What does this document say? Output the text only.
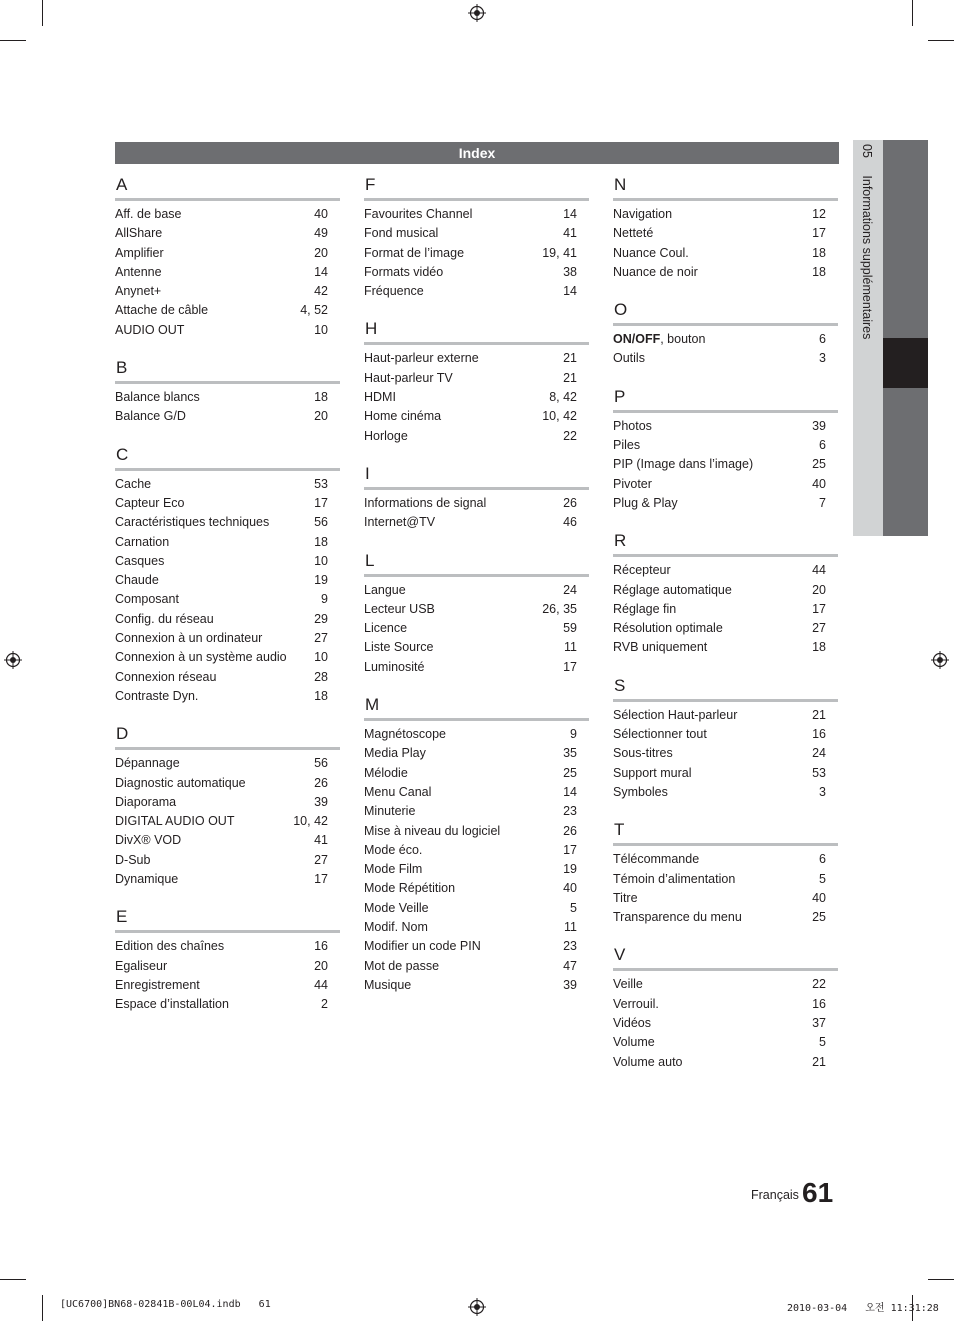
Index	05 Informations supplémentaires
A
Aff. de base	40
AllShare	49
Amplifier	20
Antenne	14
Anynet+	42
Attache de câble	4, 52
AUDIO OUT	10
B
Balance blancs	18
Balance G/D	20
C
Cache	53
Capteur Eco	17
Caractéristiques techniques	56
Carnation	18
Casques	10
Chaude	19
Composant	9
Config. du réseau	29
Connexion à un ordinateur	27
Connexion à un système audio 10
Connexion réseau	28
Contraste Dyn.	18
D
Dépannage	56
Diagnostic automatique	26
Diaporama	39
DIGITAL AUDIO OUT	10, 42
DivX® VOD	41
D-Sub	27
Dynamique	17
E
Edition des chaînes	16
Egaliseur	20
Enregistrement	44
Espace d’installation	2
F
Favourites Channel	14
Fond musical	41
Format de l’image	19, 41
Formats vidéo	38
Fréquence	14
H
Haut-parleur externe	21
Haut-parleur TV	21
HDMI	8, 42
Home cinéma	10, 42
Horloge	22
I
Informations de signal	26
Internet@TV	46
L
Langue	24
Lecteur USB	26, 35
Licence	59
Liste Source	11
Luminosité	17
M
Magnétoscope	9
Media Play	35
Mélodie	25
Menu Canal	14
Minuterie	23
Mise à niveau du logiciel	26
Mode éco.	17
Mode Film	19
Mode Répétition	40
Mode Veille	5
Modif. Nom	11
Modifier un code PIN	23
Mot de passe	47
Musique	39
N
Navigation	12
Netteté	17
Nuance Coul.	18
Nuance de noir	18
O
ON/OFF, bouton	6
Outils	3
P
Photos	39
Piles	6
PIP (Image dans l’image)	25
Pivoter	40
Plug & Play	7
R
Récepteur	44
Réglage automatique	20
Réglage fin	17
Résolution optimale	27
RVB uniquement	18
S
Sélection Haut-parleur	21
Sélectionner tout	16
Sous-titres	24
Support mural	53
Symboles	3
T
Télécommande	6
Témoin d’alimentation	5
Titre	40
Transparence du menu	25
V
Veille	22
Verrouil.	16
Vidéos	37
Volume	5
Volume auto	21
Français 61
[UC6700]BN68-02841B-00L04.indb   61	2010-03-04   오전 11:31:28
